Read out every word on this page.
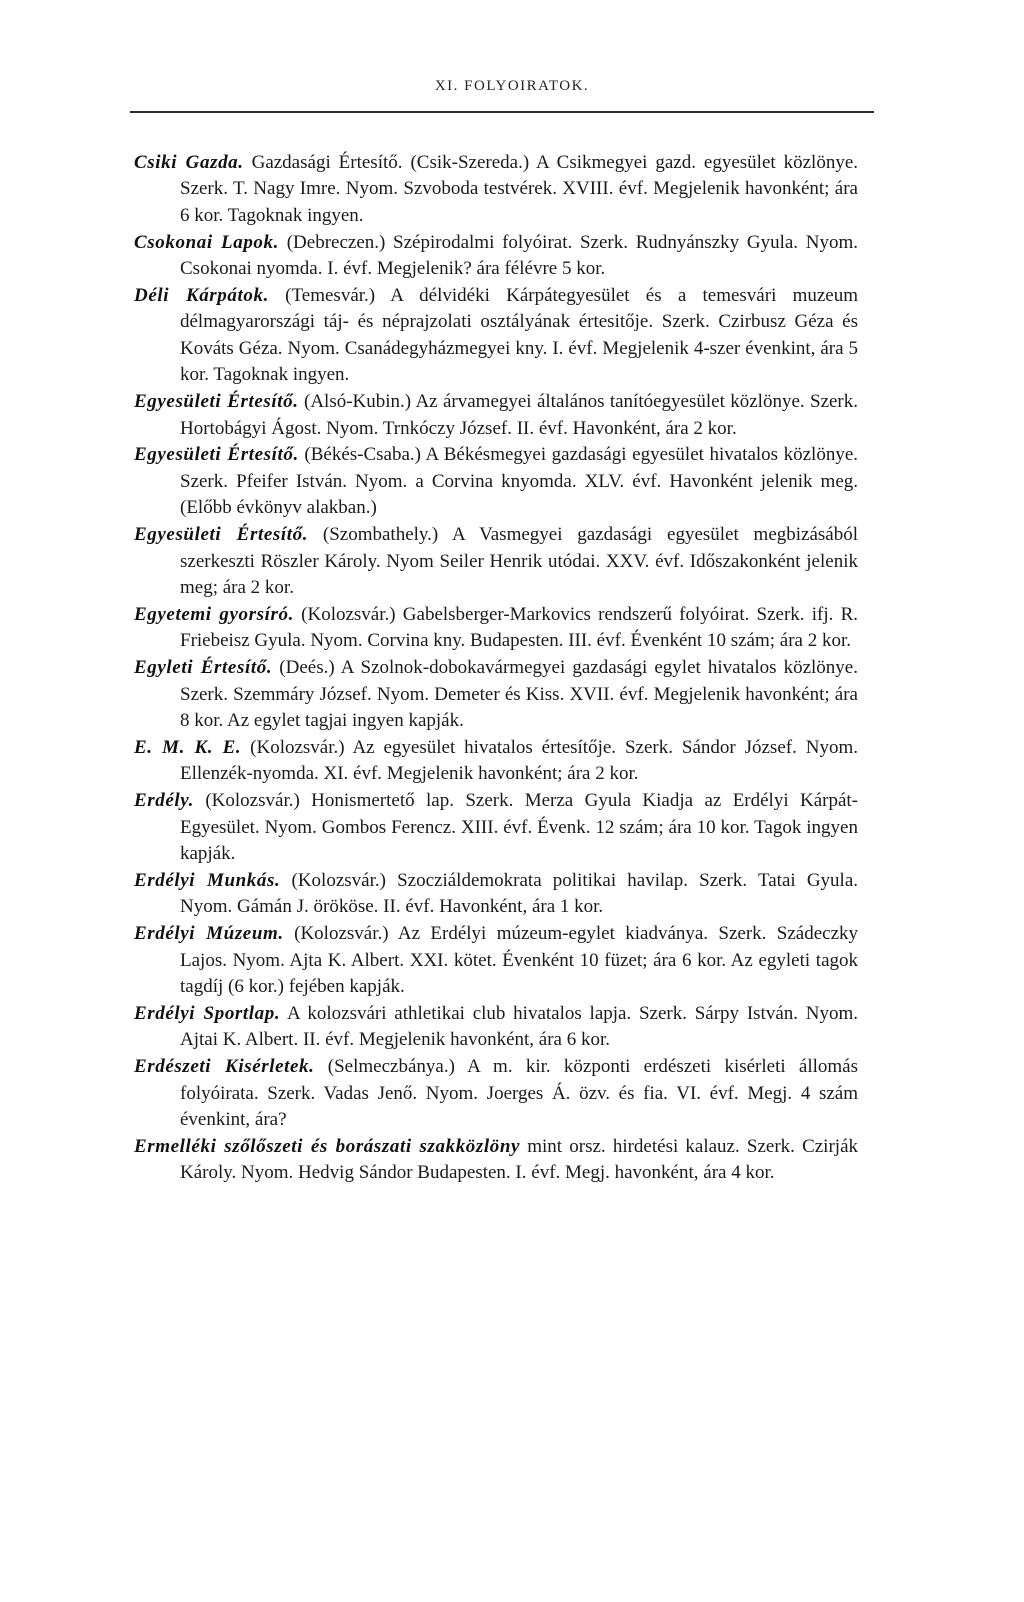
XI. FOLYOIRATOK.

Csiki Gazda. Gazdasági Értesítő. (Csik-Szereda.) A Csikmegyei gazd. egyesület közlönye. Szerk. T. Nagy Imre. Nyom. Szvoboda testvérek. XVIII. évf. Megjelenik havonként; ára 6 kor. Tagoknak ingyen.

Csokonai Lapok. (Debreczen.) Szépirodalmi folyóirat. Szerk. Rudnyánszky Gyula. Nyom. Csokonai nyomda. I. évf. Megjelenik? ára félévre 5 kor.

Déli Kárpátok. (Temesvár.) A délvidéki Kárpátegyesület és a temesvári muzeum délmagyarországi táj- és néprajzolati osztályának értesitője. Szerk. Czirbusz Géza és Kováts Géza. Nyom. Csanádegyházmegyei kny. I. évf. Megjelenik 4-szer évenkint, ára 5 kor. Tagoknak ingyen.

Egyesületi Értesítő. (Alsó-Kubin.) Az árvamegyei általános tanítóegyesület közlönye. Szerk. Hortobágyi Ágost. Nyom. Trnkóczy József. II. évf. Havonként, ára 2 kor.

Egyesületi Értesítő. (Békés-Csaba.) A Békésmegyei gazdasági egyesület hivatalos közlönye. Szerk. Pfeifer István. Nyom. a Corvina knyomda. XLV. évf. Havonként jelenik meg. (Előbb évkönyv alakban.)

Egyesületi Értesítő. (Szombathely.) A Vasmegyei gazdasági egyesület megbizásából szerkeszti Röszler Károly. Nyom Seiler Henrik utódai. XXV. évf. Időszakonként jelenik meg; ára 2 kor.

Egyetemi gyorsíró. (Kolozsvár.) Gabelsberger-Markovics rendszerű folyóirat. Szerk. ifj. R. Friebeisz Gyula. Nyom. Corvina kny. Budapesten. III. évf. Évenként 10 szám; ára 2 kor.

Egyleti Értesítő. (Deés.) A Szolnok-dobokavármegyei gazdasági egylet hivatalos közlönye. Szerk. Szemmáry József. Nyom. Demeter és Kiss. XVII. évf. Megjelenik havonként; ára 8 kor. Az egylet tagjai ingyen kapják.

E. M. K. E. (Kolozsvár.) Az egyesület hivatalos értesítője. Szerk. Sándor József. Nyom. Ellenzék-nyomda. XI. évf. Megjelenik havonként; ára 2 kor.

Erdély. (Kolozsvár.) Honismertető lap. Szerk. Merza Gyula Kiadja az Erdélyi Kárpát-Egyesület. Nyom. Gombos Ferencz. XIII. évf. Évenk. 12 szám; ára 10 kor. Tagok ingyen kapják.

Erdélyi Munkás. (Kolozsvár.) Szocziáldemokrata politikai havilap. Szerk. Tatai Gyula. Nyom. Gámán J. örököse. II. évf. Havonként, ára 1 kor.

Erdélyi Múzeum. (Kolozsvár.) Az Erdélyi múzeum-egylet kiadványa. Szerk. Szádeczky Lajos. Nyom. Ajta K. Albert. XXI. kötet. Évenként 10 füzet; ára 6 kor. Az egyleti tagok tagdíj (6 kor.) fejében kapják.

Erdélyi Sportlap. A kolozsvári athletikai club hivatalos lapja. Szerk. Sárpy István. Nyom. Ajtai K. Albert. II. évf. Megjelenik havonként, ára 6 kor.

Erdészeti Kisérletek. (Selmeczbánya.) A m. kir. központi erdészeti kisérleti állomás folyóirata. Szerk. Vadas Jenő. Nyom. Joerges Á. özv. és fia. VI. évf. Megj. 4 szám évenkint, ára?

Ermelléki szőlőszeti és borászati szakközlöny mint orsz. hirdetési kalauz. Szerk. Czirják Károly. Nyom. Hedvig Sándor Budapesten. I. évf. Megj. havonként, ára 4 kor.
